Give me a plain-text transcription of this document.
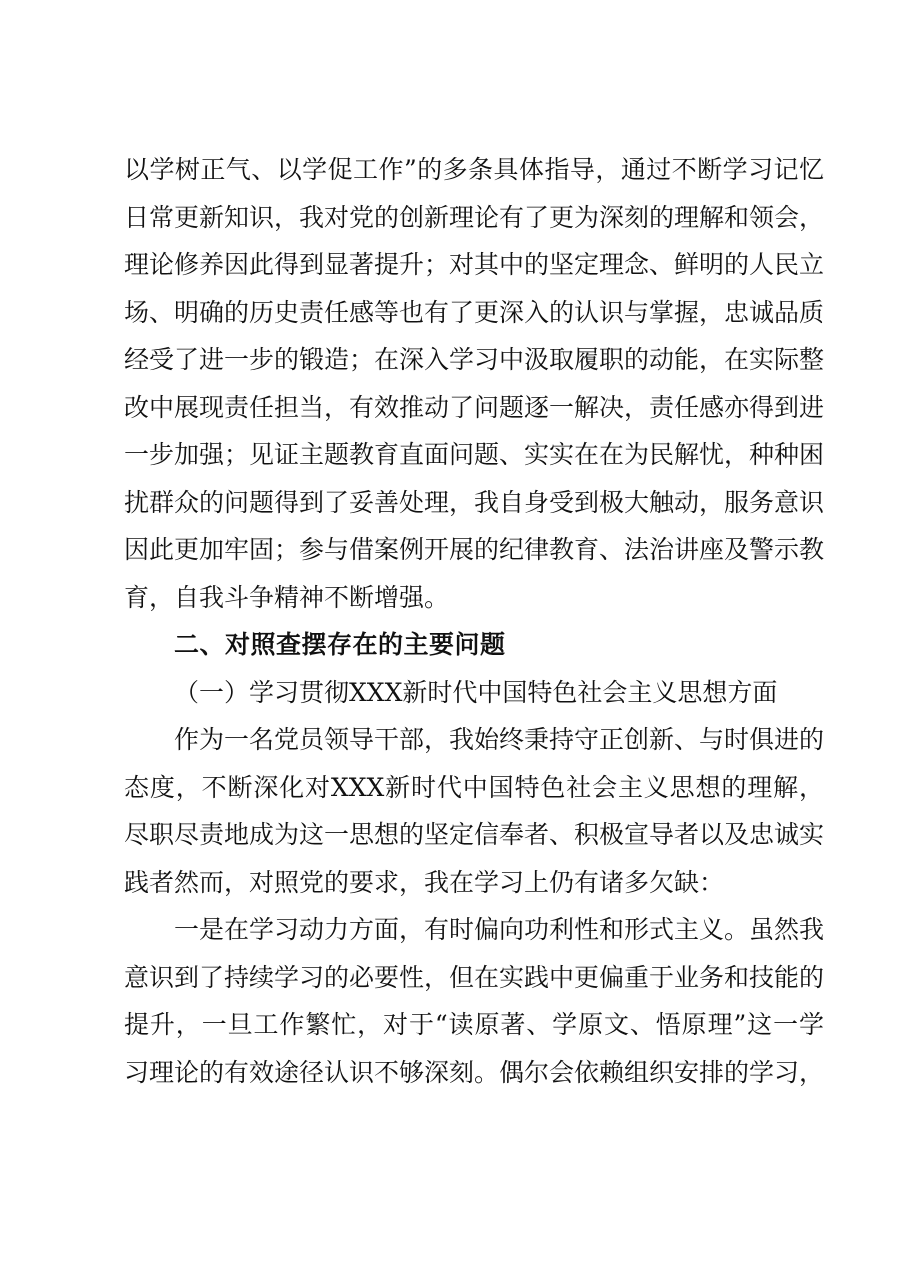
以学树正气、以学促工作”的多条具体指导，通过不断学习记忆日常更新知识，我对党的创新理论有了更为深刻的理解和领会，理论修养因此得到显著提升；对其中的坚定理念、鲜明的人民立场、明确的历史责任感等也有了更深入的认识与掌握，忠诚品质经受了进一步的锻造；在深入学习中汲取履职的动能，在实际整改中展现责任担当，有效推动了问题逐一解决，责任感亦得到进一步加强；见证主题教育直面问题、实实在在为民解忧，种种困扰群众的问题得到了妥善处理，我自身受到极大触动，服务意识因此更加牢固；参与借案例开展的纪律教育、法治讲座及警示教育，自我斗争精神不断增强。

二、对照查摆存在的主要问题

（一）学习贯彻XXX新时代中国特色社会主义思想方面

作为一名党员领导干部，我始终秉持守正创新、与时俱进的态度，不断深化对XXX新时代中国特色社会主义思想的理解，尽职尽责地成为这一思想的坚定信奉者、积极宣导者以及忠诚实践者然而，对照党的要求，我在学习上仍有诸多欠缺：

一是在学习动力方面，有时偏向功利性和形式主义。虽然我意识到了持续学习的必要性，但在实践中更偏重于业务和技能的提升，一旦工作繁忙，对于“读原著、学原文、悟原理”这一学习理论的有效途径认识不够深刻。偶尔会依赖组织安排的学习，
